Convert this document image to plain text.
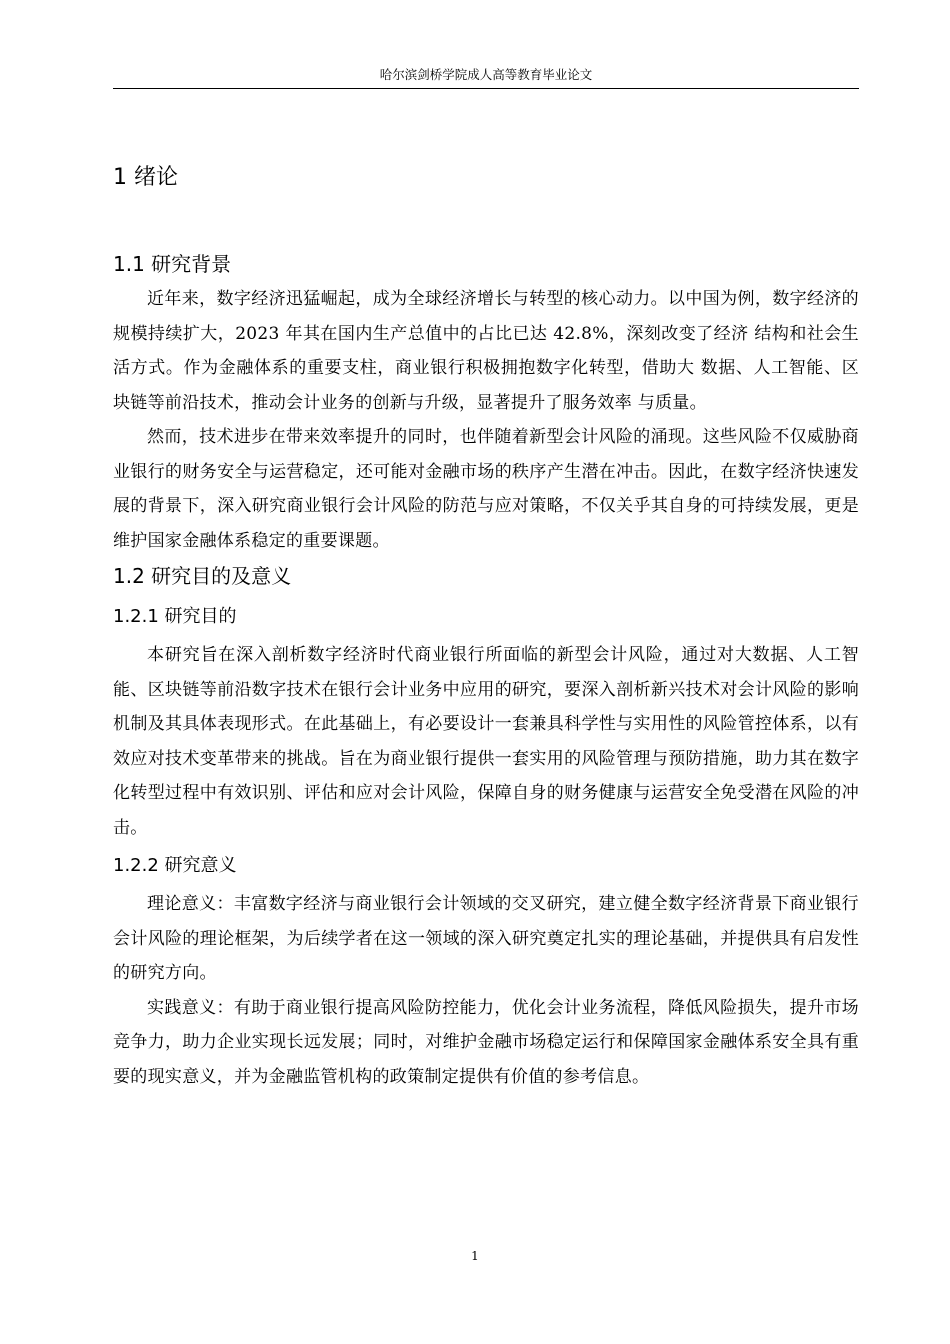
哈尔滨剑桥学院成人高等教育毕业论文
1 绪论
1.1 研究背景

近年来，数字经济迅猛崛起，成为全球经济增长与转型的核心动力。以中国为例，数字经济的规模持续扩大，2023 年其在国内生产总值中的占比已达 42.8%，深刻改变了经济 结构和社会生活方式。作为金融体系的重要支柱，商业银行积极拥抱数字化转型，借助大 数据、人工智能、区块链等前沿技术，推动会计业务的创新与升级，显著提升了服务效率 与质量。

然而，技术进步在带来效率提升的同时，也伴随着新型会计风险的涌现。这些风险不仅威胁商业银行的财务安全与运营稳定，还可能对金融市场的秩序产生潜在冲击。因此，在数字经济快速发展的背景下，深入研究商业银行会计风险的防范与应对策略，不仅关乎其自身的可持续发展，更是维护国家金融体系稳定的重要课题。

1.2 研究目的及意义
1.2.1 研究目的

本研究旨在深入剖析数字经济时代商业银行所面临的新型会计风险，通过对大数据、人工智能、区块链等前沿数字技术在银行会计业务中应用的研究，要深入剖析新兴技术对会计风险的影响机制及其具体表现形式。在此基础上，有必要设计一套兼具科学性与实用性的风险管控体系，以有效应对技术变革带来的挑战。旨在为商业银行提供一套实用的风险管理与预防措施，助力其在数字化转型过程中有效识别、评估和应对会计风险，保障自身的财务健康与运营安全免受潜在风险的冲击。

1.2.2 研究意义

理论意义：丰富数字经济与商业银行会计领域的交叉研究，建立健全数字经济背景下商业银行会计风险的理论框架，为后续学者在这一领域的深入研究奠定扎实的理论基础，并提供具有启发性的研究方向。

实践意义：有助于商业银行提高风险防控能力，优化会计业务流程，降低风险损失，提升市场竞争力，助力企业实现长远发展；同时，对维护金融市场稳定运行和保障国家金融体系安全具有重要的现实意义，并为金融监管机构的政策制定提供有价值的参考信息。

1
